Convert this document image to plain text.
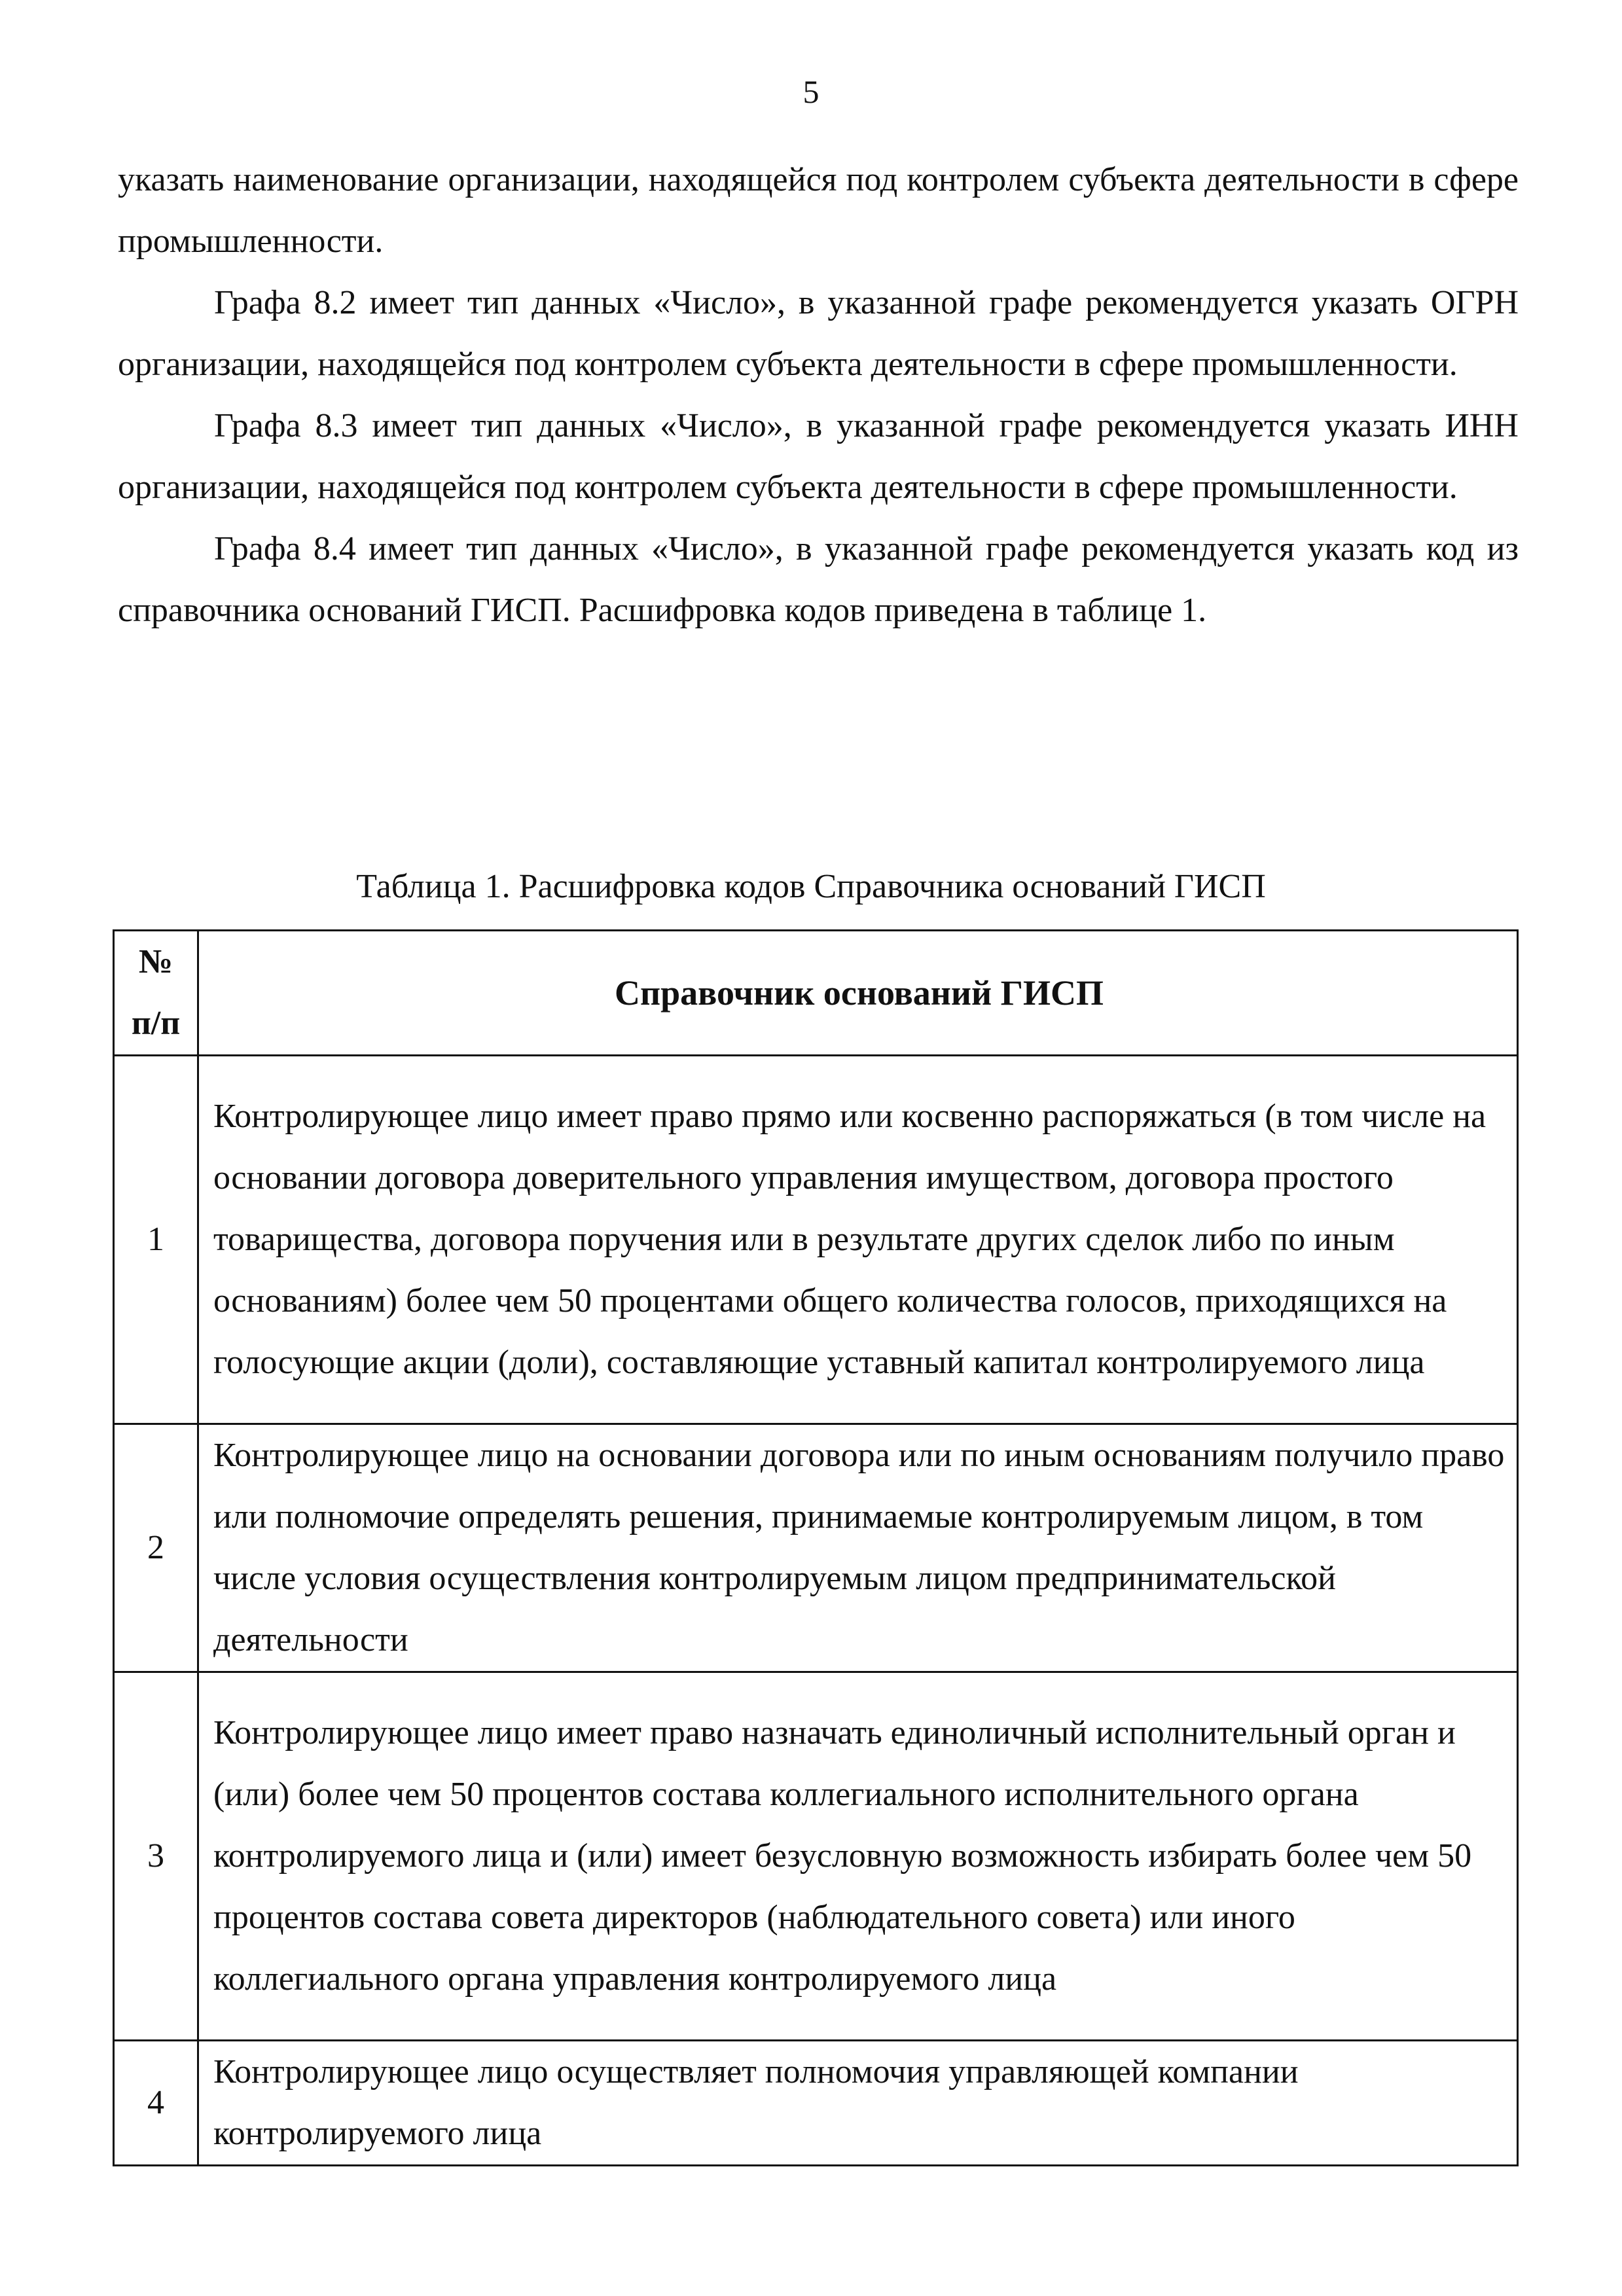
5

указать наименование организации, находящейся под контролем субъекта деятельности в сфере промышленности.

Графа 8.2 имеет тип данных «Число», в указанной графе рекомендуется указать ОГРН организации, находящейся под контролем субъекта деятельности в сфере промышленности.

Графа 8.3 имеет тип данных «Число», в указанной графе рекомендуется указать ИНН организации, находящейся под контролем субъекта деятельности в сфере промышленности.

Графа 8.4 имеет тип данных «Число», в указанной графе рекомендуется указать код из справочника оснований ГИСП. Расшифровка кодов приведена в таблице 1.

Таблица 1. Расшифровка кодов Справочника оснований ГИСП
№
п/п	Справочник оснований ГИСП
1	Контролирующее лицо имеет право прямо или косвенно распоряжаться (в том числе на основании договора доверительного управления имуществом, договора простого товарищества, договора поручения или в результате других сделок либо по иным основаниям) более чем 50 процентами общего количества голосов, приходящихся на голосующие акции (доли), составляющие уставный капитал контролируемого лица
2	Контролирующее лицо на основании договора или по иным основаниям получило право или полномочие определять решения, принимаемые контролируемым лицом, в том числе условия осуществления контролируемым лицом предпринимательской деятельности
3	Контролирующее лицо имеет право назначать единоличный исполнительный орган и (или) более чем 50 процентов состава коллегиального исполнительного органа контролируемого лица и (или) имеет безусловную возможность избирать более чем 50 процентов состава совета директоров (наблюдательного совета) или иного коллегиального органа управления контролируемого лица
4	Контролирующее лицо осуществляет полномочия управляющей компании контролируемого лица
